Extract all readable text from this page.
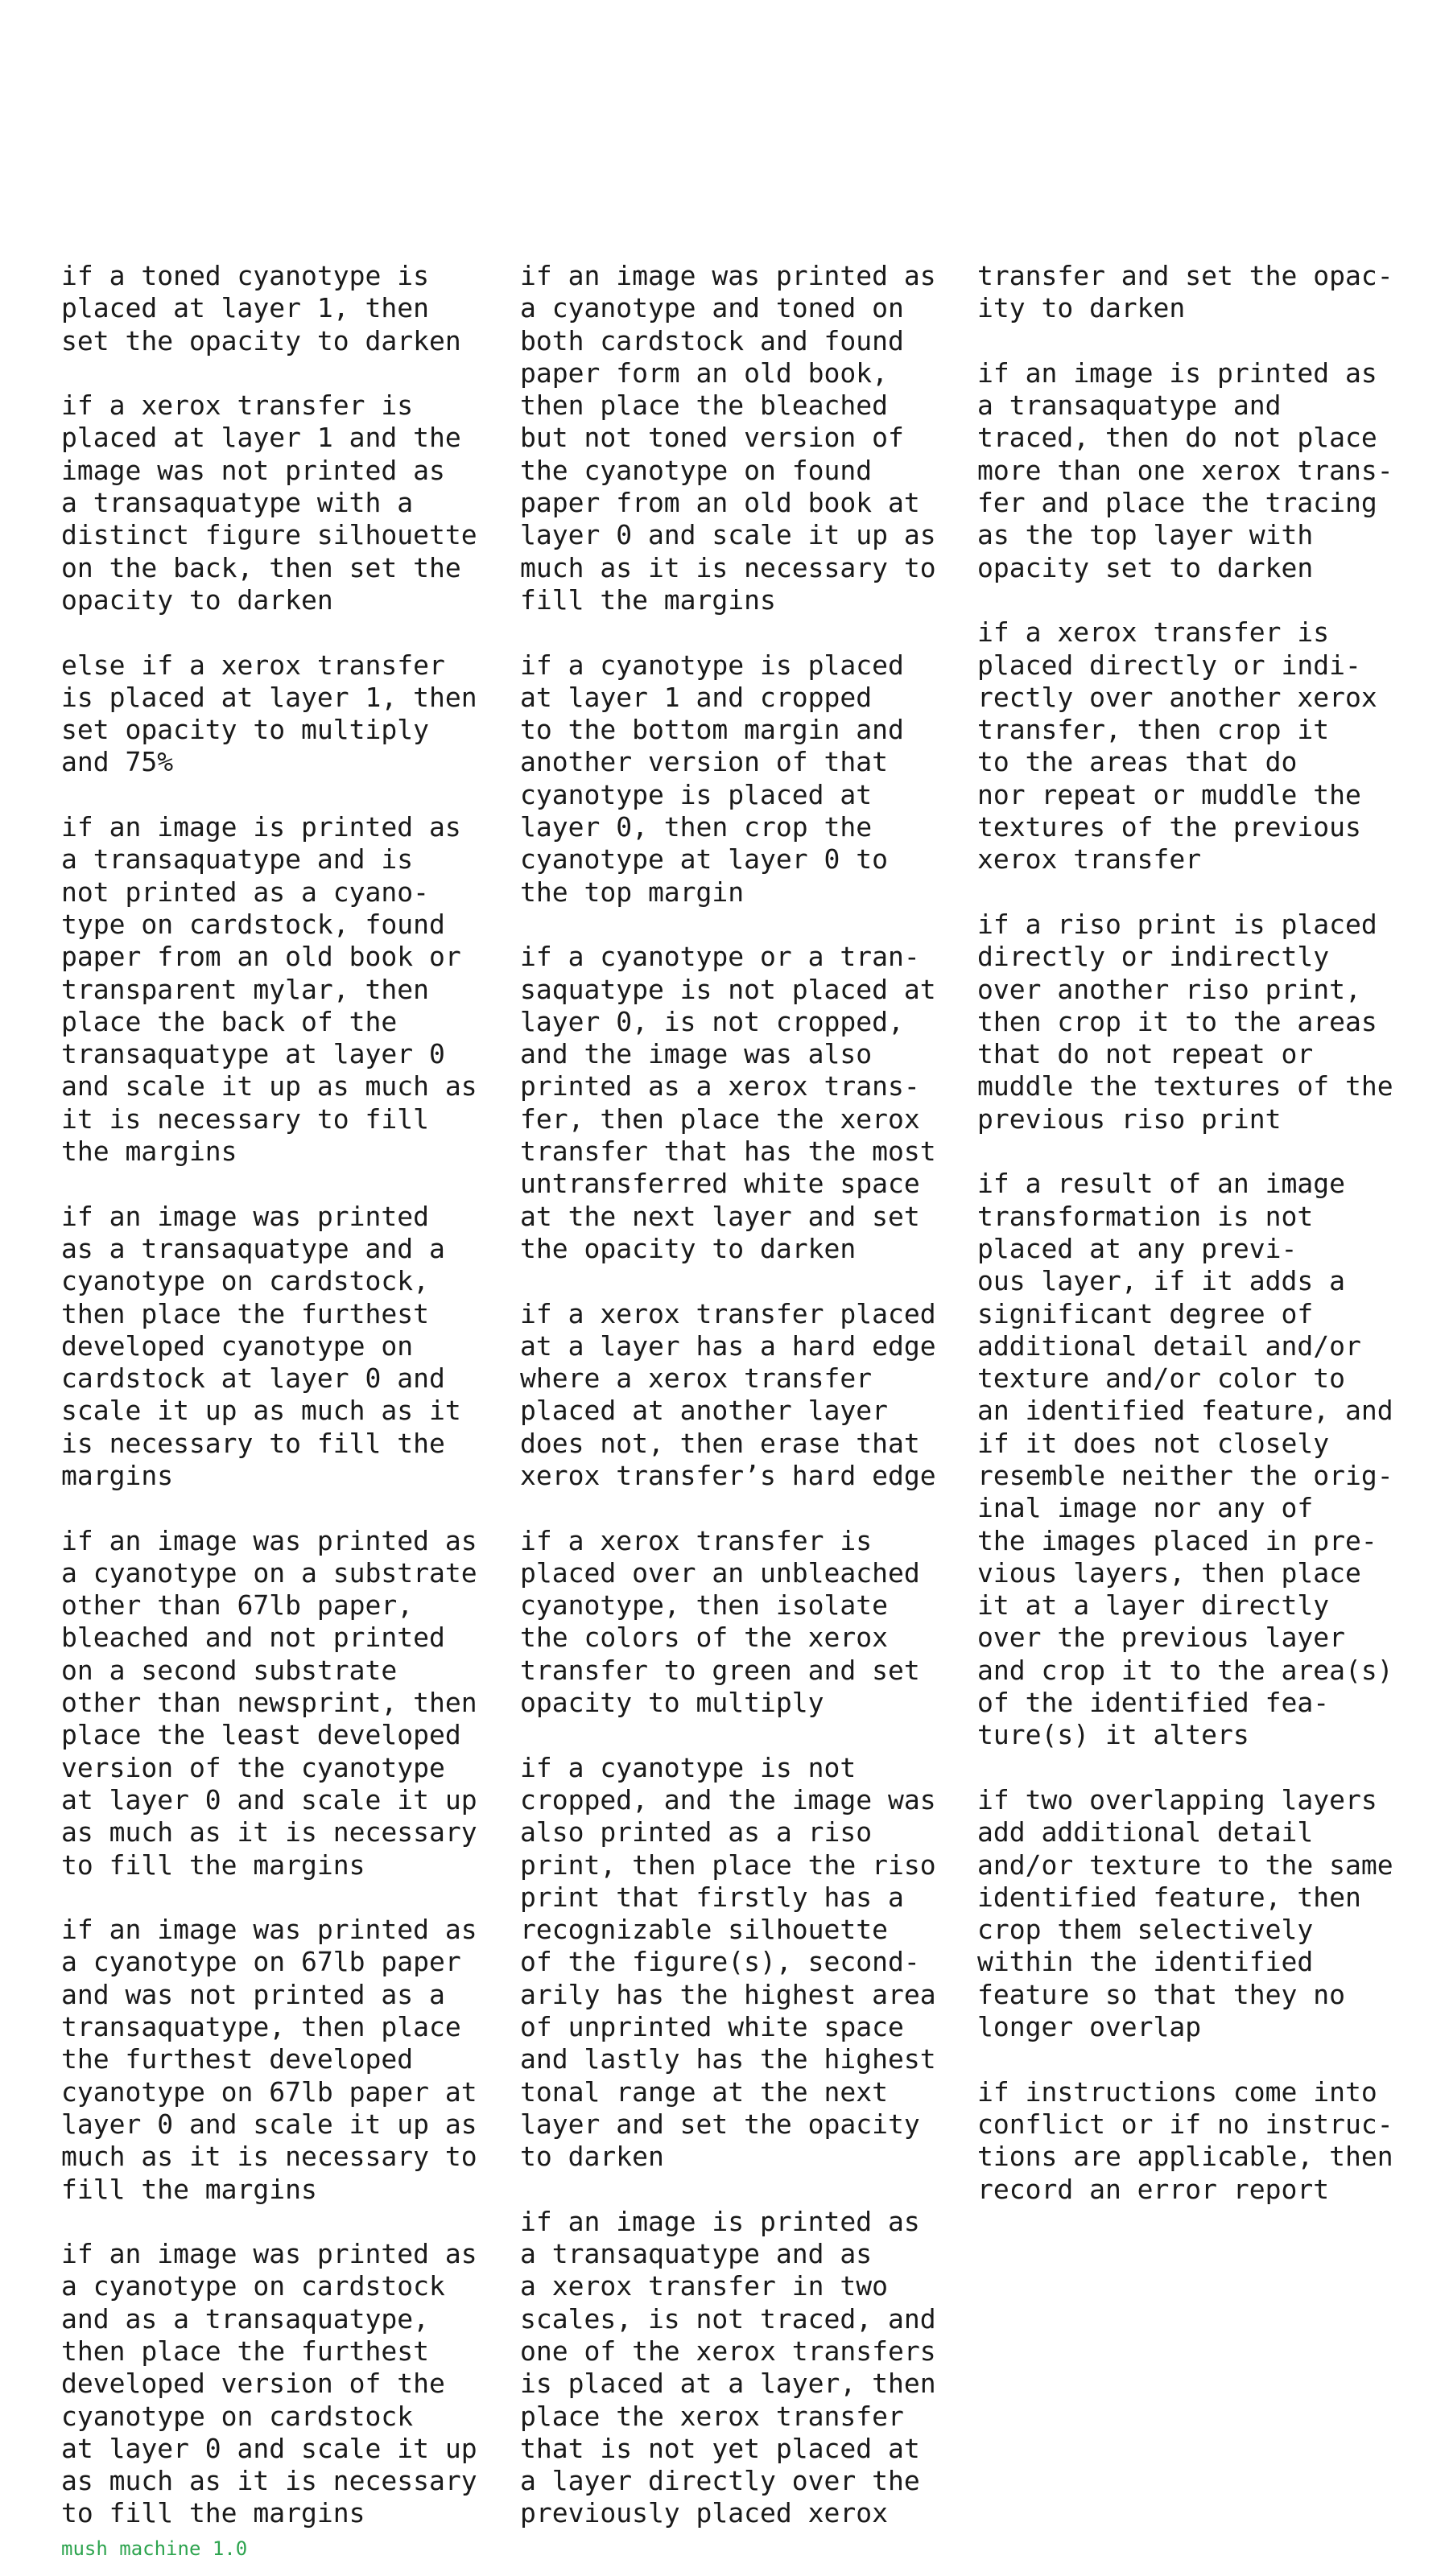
if a toned cyanotype is
placed at layer 1, then
set the opacity to darken

if a xerox transfer is
placed at layer 1 and the
image was not printed as
a transaquatype with a
distinct figure silhouette
on the back, then set the
opacity to darken

else if a xerox transfer
is placed at layer 1, then
set opacity to multiply
and 75%

if an image is printed as
a transaquatype and is
not printed as a cyano-
type on cardstock, found
paper from an old book or
transparent mylar, then
place the back of the
transaquatype at layer 0
and scale it up as much as
it is necessary to fill
the margins

if an image was printed
as a transaquatype and a
cyanotype on cardstock,
then place the furthest
developed cyanotype on
cardstock at layer 0 and
scale it up as much as it
is necessary to fill the
margins

if an image was printed as
a cyanotype on a substrate
other than 67lb paper,
bleached and not printed
on a second substrate
other than newsprint, then
place the least developed
version of the cyanotype
at layer 0 and scale it up
as much as it is necessary
to fill the margins

if an image was printed as
a cyanotype on 67lb paper
and was not printed as a
transaquatype, then place
the furthest developed
cyanotype on 67lb paper at
layer 0 and scale it up as
much as it is necessary to
fill the margins

if an image was printed as
a cyanotype on cardstock
and as a transaquatype,
then place the furthest
developed version of the
cyanotype on cardstock
at layer 0 and scale it up
as much as it is necessary
to fill the margins

if an image was printed as
a cyanotype and toned on
both cardstock and found
paper form an old book,
then place the bleached
but not toned version of
the cyanotype on found
paper from an old book at
layer 0 and scale it up as
much as it is necessary to
fill the margins

if a cyanotype is placed
at layer 1 and cropped
to the bottom margin and
another version of that
cyanotype is placed at
layer 0, then crop the
cyanotype at layer 0 to
the top margin

if a cyanotype or a tran-
saquatype is not placed at
layer 0, is not cropped,
and the image was also
printed as a xerox trans-
fer, then place the xerox
transfer that has the most
untransferred white space
at the next layer and set
the opacity to darken

if a xerox transfer placed
at a layer has a hard edge
where a xerox transfer
placed at another layer
does not, then erase that
xerox transfer’s hard edge

if a xerox transfer is
placed over an unbleached
cyanotype, then isolate
the colors of the xerox
transfer to green and set
opacity to multiply

if a cyanotype is not
cropped, and the image was
also printed as a riso
print, then place the riso
print that firstly has a
recognizable silhouette
of the figure(s), second-
arily has the highest area
of unprinted white space
and lastly has the highest
tonal range at the next
layer and set the opacity
to darken

if an image is printed as
a transaquatype and as
a xerox transfer in two
scales, is not traced, and
one of the xerox transfers
is placed at a layer, then
place the xerox transfer
that is not yet placed at
a layer directly over the
previously placed xerox

transfer and set the opac-
ity to darken

if an image is printed as
a transaquatype and
traced, then do not place
more than one xerox trans-
fer and place the tracing
as the top layer with
opacity set to darken

if a xerox transfer is
placed directly or indi-
rectly over another xerox
transfer, then crop it
to the areas that do
nor repeat or muddle the
textures of the previous
xerox transfer

if a riso print is placed
directly or indirectly
over another riso print,
then crop it to the areas
that do not repeat or
muddle the textures of the
previous riso print

if a result of an image
transformation is not
placed at any previ-
ous layer, if it adds a
significant degree of
additional detail and/or
texture and/or color to
an identified feature, and
if it does not closely
resemble neither the orig-
inal image nor any of
the images placed in pre-
vious layers, then place
it at a layer directly
over the previous layer
and crop it to the area(s)
of the identified fea-
ture(s) it alters

if two overlapping layers
add additional detail
and/or texture to the same
identified feature, then
crop them selectively
within the identified
feature so that they no
longer overlap

if instructions come into
conflict or if no instruc-
tions are applicable, then
record an error report

mush machine 1.0
